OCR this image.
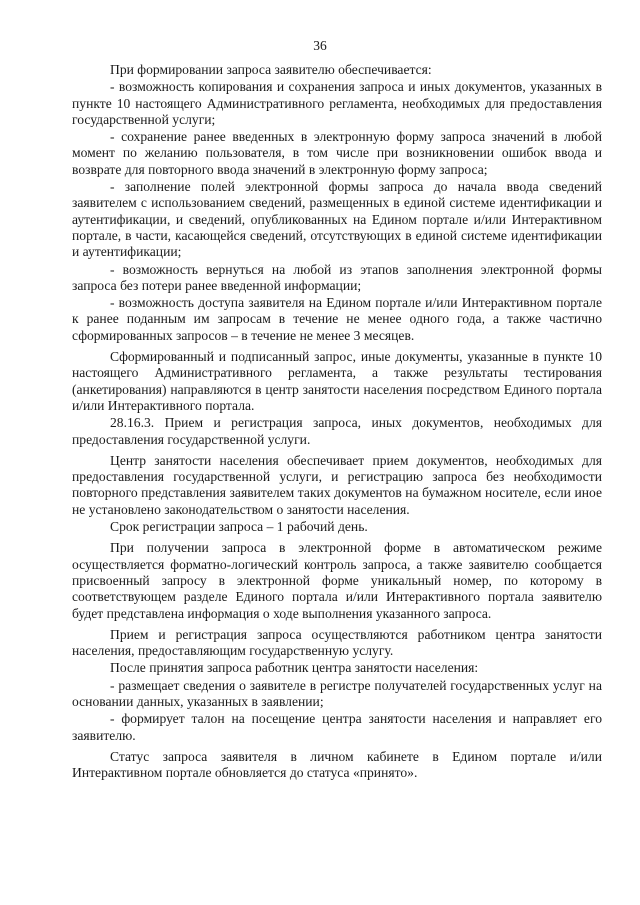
36

При формировании запроса заявителю обеспечивается:

- возможность копирования и сохранения запроса и иных документов, указанных в пункте 10 настоящего Административного регламента, необходимых для предоставления государственной услуги;

- сохранение ранее введенных в электронную форму запроса значений в любой момент по желанию пользователя, в том числе при возникновении ошибок ввода и возврате для повторного ввода значений в электронную форму запроса;

- заполнение полей электронной формы запроса до начала ввода сведений заявителем с использованием сведений, размещенных в единой системе идентификации и аутентификации, и сведений, опубликованных на Едином портале и/или Интерактивном портале, в части, касающейся сведений, отсутствующих в единой системе идентификации и аутентификации;

- возможность вернуться на любой из этапов заполнения электронной формы запроса без потери ранее введенной информации;

- возможность доступа заявителя на Едином портале и/или Интерактивном портале к ранее поданным им запросам в течение не менее одного года, а также частично сформированных запросов – в течение не менее 3 месяцев.

Сформированный и подписанный запрос, иные документы, указанные в пункте 10 настоящего Административного регламента, а также результаты тестирования (анкетирования) направляются в центр занятости населения посредством Единого портала и/или Интерактивного портала.

28.16.3. Прием и регистрация запроса, иных документов, необходимых для предоставления государственной услуги.

Центр занятости населения обеспечивает прием документов, необходимых для предоставления государственной услуги, и регистрацию запроса без необходимости повторного представления заявителем таких документов на бумажном носителе, если иное не установлено законодательством о занятости населения.

Срок регистрации запроса – 1 рабочий день.

При получении запроса в электронной форме в автоматическом режиме осуществляется форматно-логический контроль запроса, а также заявителю сообщается присвоенный запросу в электронной форме уникальный номер, по которому в соответствующем разделе Единого портала и/или Интерактивного портала заявителю будет представлена информация о ходе выполнения указанного запроса.

Прием и регистрация запроса осуществляются работником центра занятости населения, предоставляющим государственную услугу.

После принятия запроса работник центра занятости населения:

- размещает сведения о заявителе в регистре получателей государственных услуг на основании данных, указанных в заявлении;

- формирует талон на посещение центра занятости населения и направляет его заявителю.

Статус запроса заявителя в личном кабинете в Едином портале и/или Интерактивном портале обновляется до статуса «принято».
